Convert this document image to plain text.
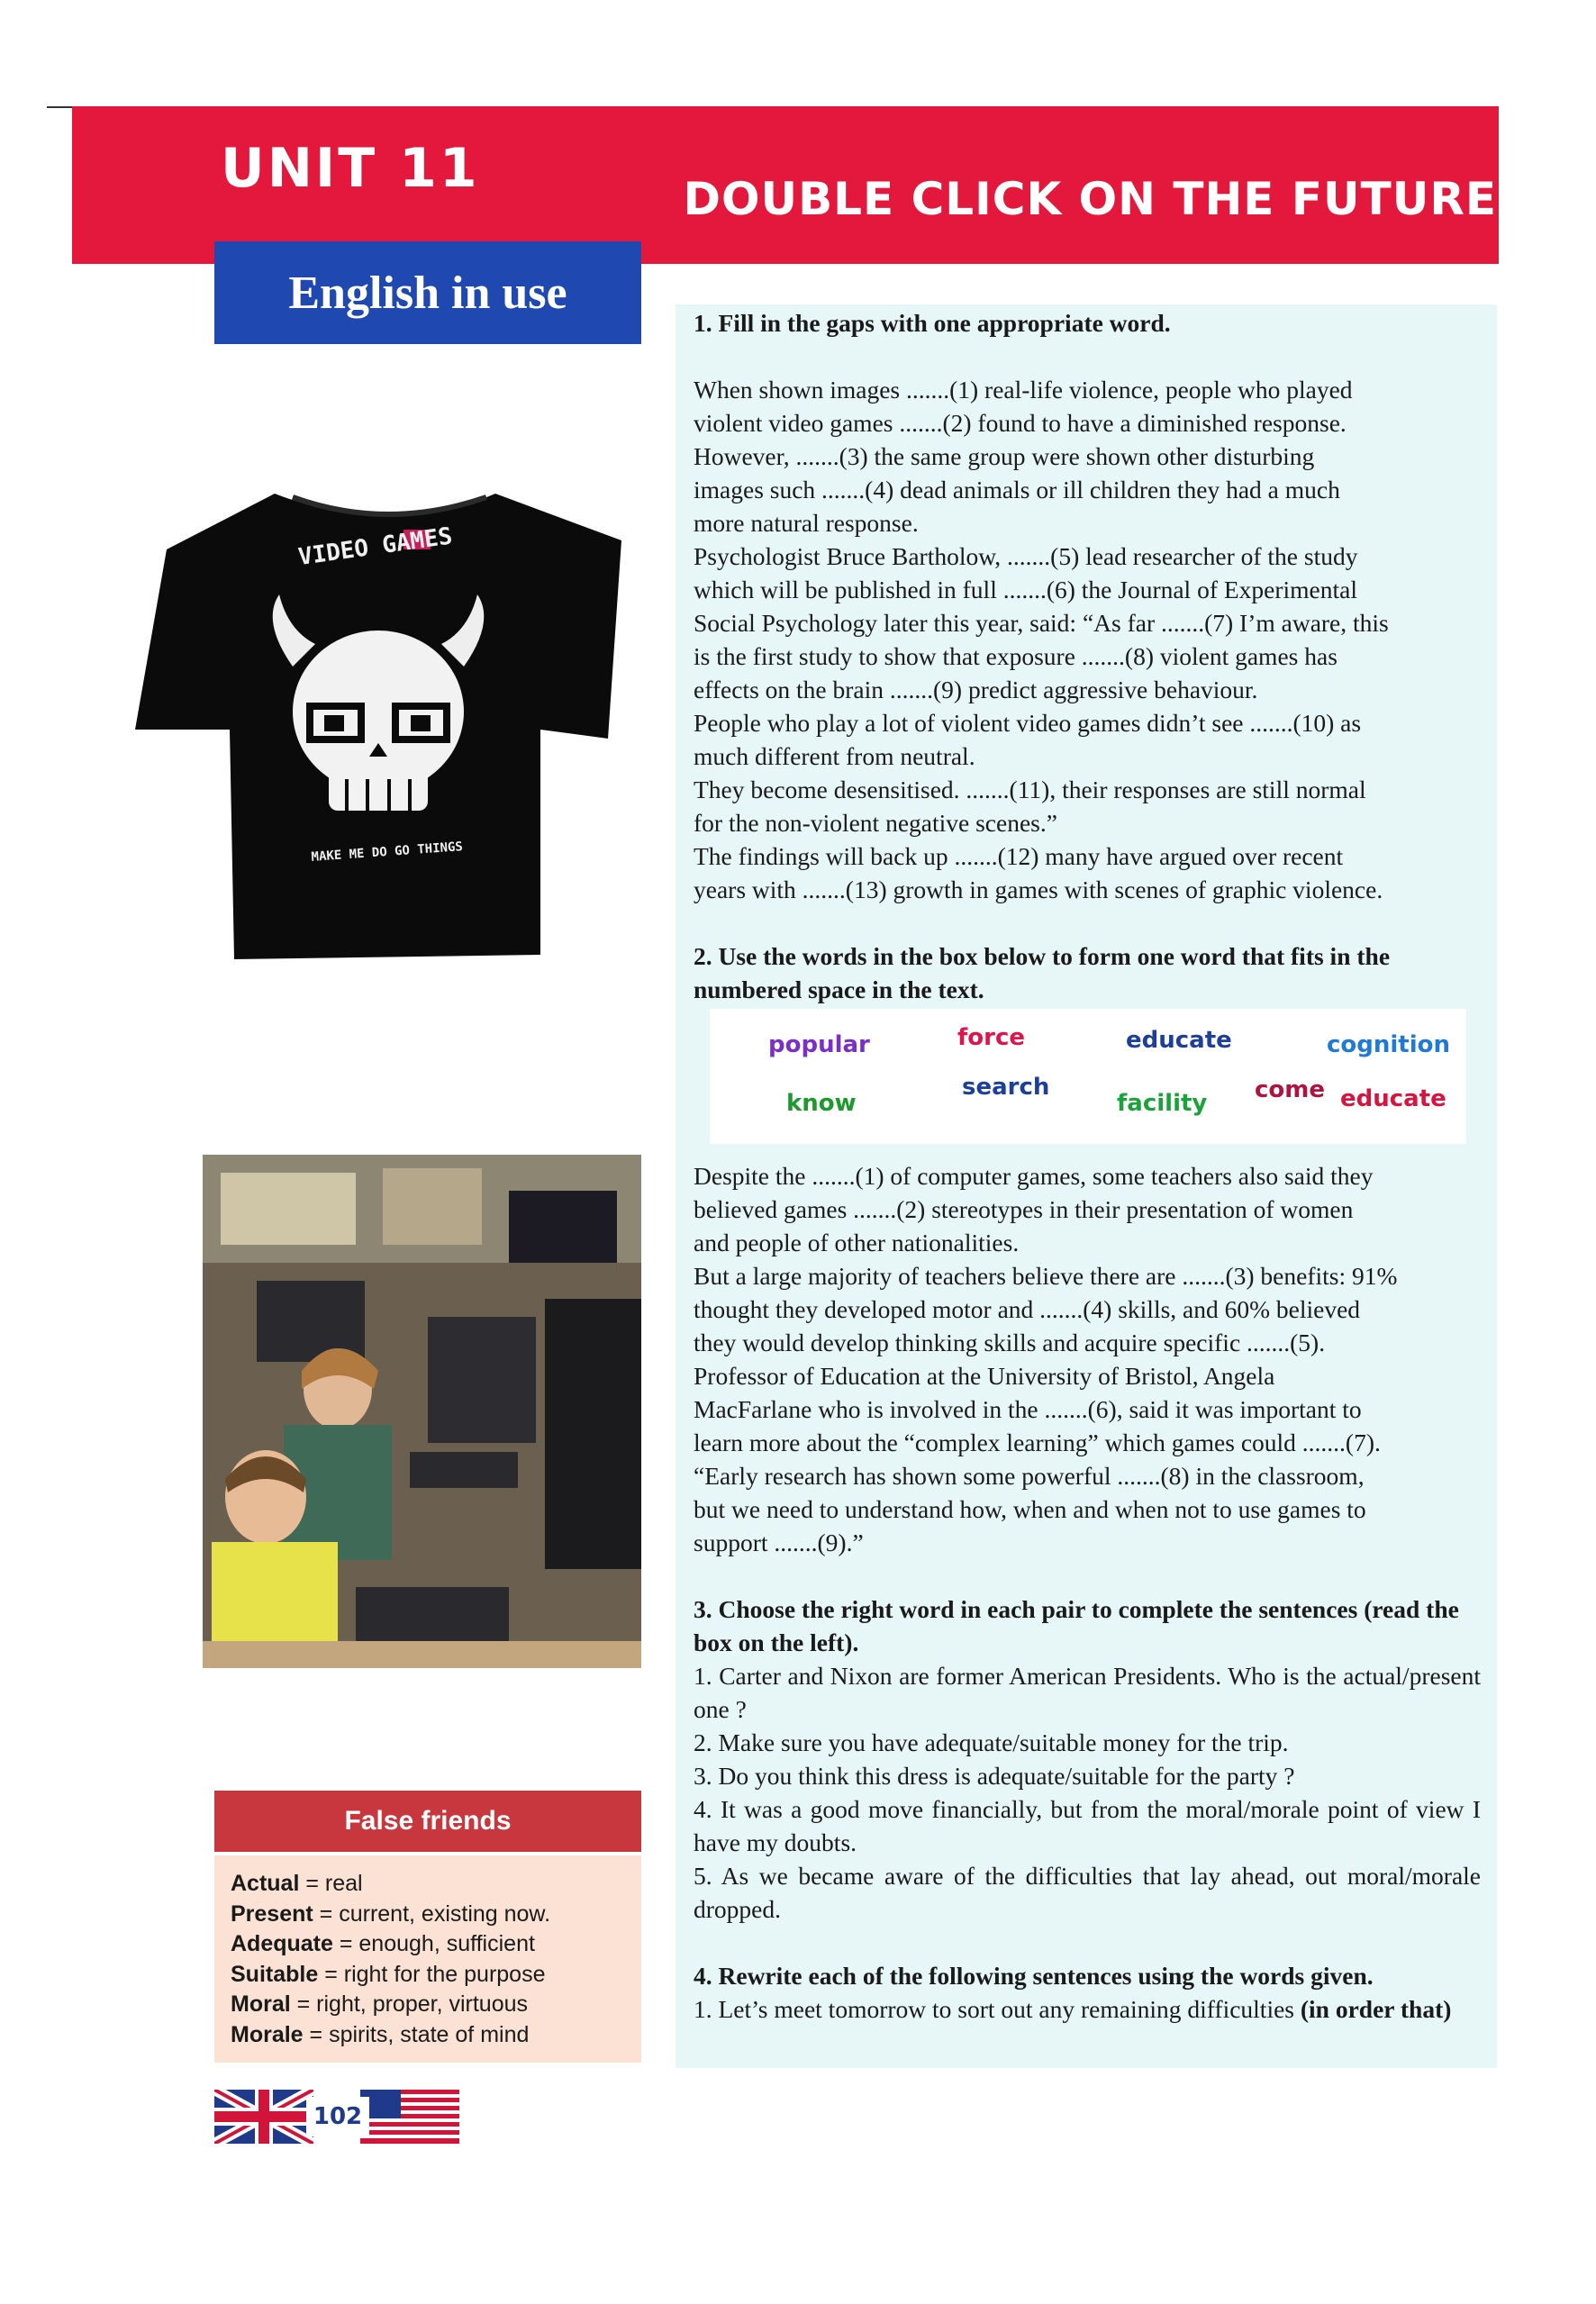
UNIT 11	DOUBLE CLICK ON THE FUTURE
English in use
VIDEO GAMES
MAKE ME DO GO THINGS

1. Fill in the gaps with one appropriate word.

When shown images .......(1) real-life violence, people who played

violent video games .......(2) found to have a diminished response.

However, .......(3) the same group were shown other disturbing

images such .......(4) dead animals or ill children they had a much

more natural response.

Psychologist Bruce Bartholow, .......(5) lead researcher of the study

which will be published in full .......(6) the Journal of Experimental

Social Psychology later this year, said: “As far .......(7) I’m aware, this

is the first study to show that exposure .......(8) violent games has

effects on the brain .......(9) predict aggressive behaviour.

People who play a lot of violent video games didn’t see .......(10) as

much different from neutral.

They become desensitised. .......(11), their responses are still normal

for the non-violent negative scenes.”

The findings will back up .......(12) many have argued over recent

years with .......(13) growth in games with scenes of graphic violence.

2. Use the words in the box below to form one word that fits in the numbered space in the text.

popular	force	educate	cognition
search	come
know	facility	educate

Despite the .......(1) of computer games, some teachers also said they

believed games .......(2) stereotypes in their presentation of women

and people of other nationalities.

But a large majority of teachers believe there are .......(3) benefits: 91%

thought they developed motor and .......(4) skills, and 60% believed

they would develop thinking skills and acquire specific .......(5).

Professor of Education at the University of Bristol, Angela

MacFarlane who is involved in the .......(6), said it was important to

learn more about the “complex learning” which games could .......(7).

“Early research has shown some powerful .......(8) in the classroom,

but we need to understand how, when and when not to use games to

support .......(9).”

3. Choose the right word in each pair to complete the sentences (read the box on the left).

1. Carter and Nixon are former American Presidents. Who is the actual/present one ?

2. Make sure you have adequate/suitable money for the trip.

3. Do you think this dress is adequate/suitable for the party ?

4. It was a good move financially, but from the moral/morale point of view I have my doubts.

5. As we became aware of the difficulties that lay ahead, out moral/morale dropped.

4. Rewrite each of the following sentences using the words given.

1. Let’s meet tomorrow to sort out any remaining difficulties (in order that)

False friends
Actual = real
Present = current, existing now.
Adequate = enough, sufficient
Suitable = right for the purpose
Moral = right, proper, virtuous
Morale = spirits, state of mind
102
